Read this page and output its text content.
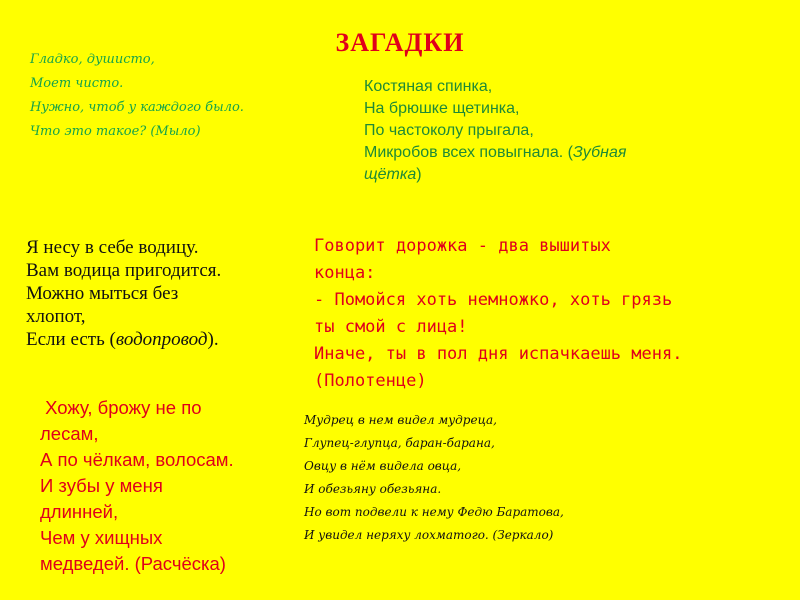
ЗАГАДКИ
Гладко, душисто,
Моет чисто.
Нужно, чтоб у каждого было.
Что это такое? (Мыло)
Костяная спинка,
На брюшке щетинка,
По частоколу прыгала,
Микробов всех повыгнала. (Зубная
щётка)
Я несу в себе водицу.
Вам водица пригодится.
Можно мыться без
хлопот,
Если есть (водопровод).
Говорит дорожка - два вышитых
конца:
- Помойся хоть немножко, хоть грязь
ты смой с лица!
Иначе, ты в пол дня испачкаешь меня.
(Полотенце)
Хожу, брожу не по
лесам,
А по чёлкам, волосам.
И зубы у меня
длинней,
Чем у хищных
медведей. (Расчёска)
Мудрец в нем видел мудреца,
Глупец-глупца, баран-барана,
Овцу в нём видела овца,
И обезьяну обезьяна.
Но вот подвели к нему Федю Баратова,
И увидел неряху лохматого. (Зеркало)
